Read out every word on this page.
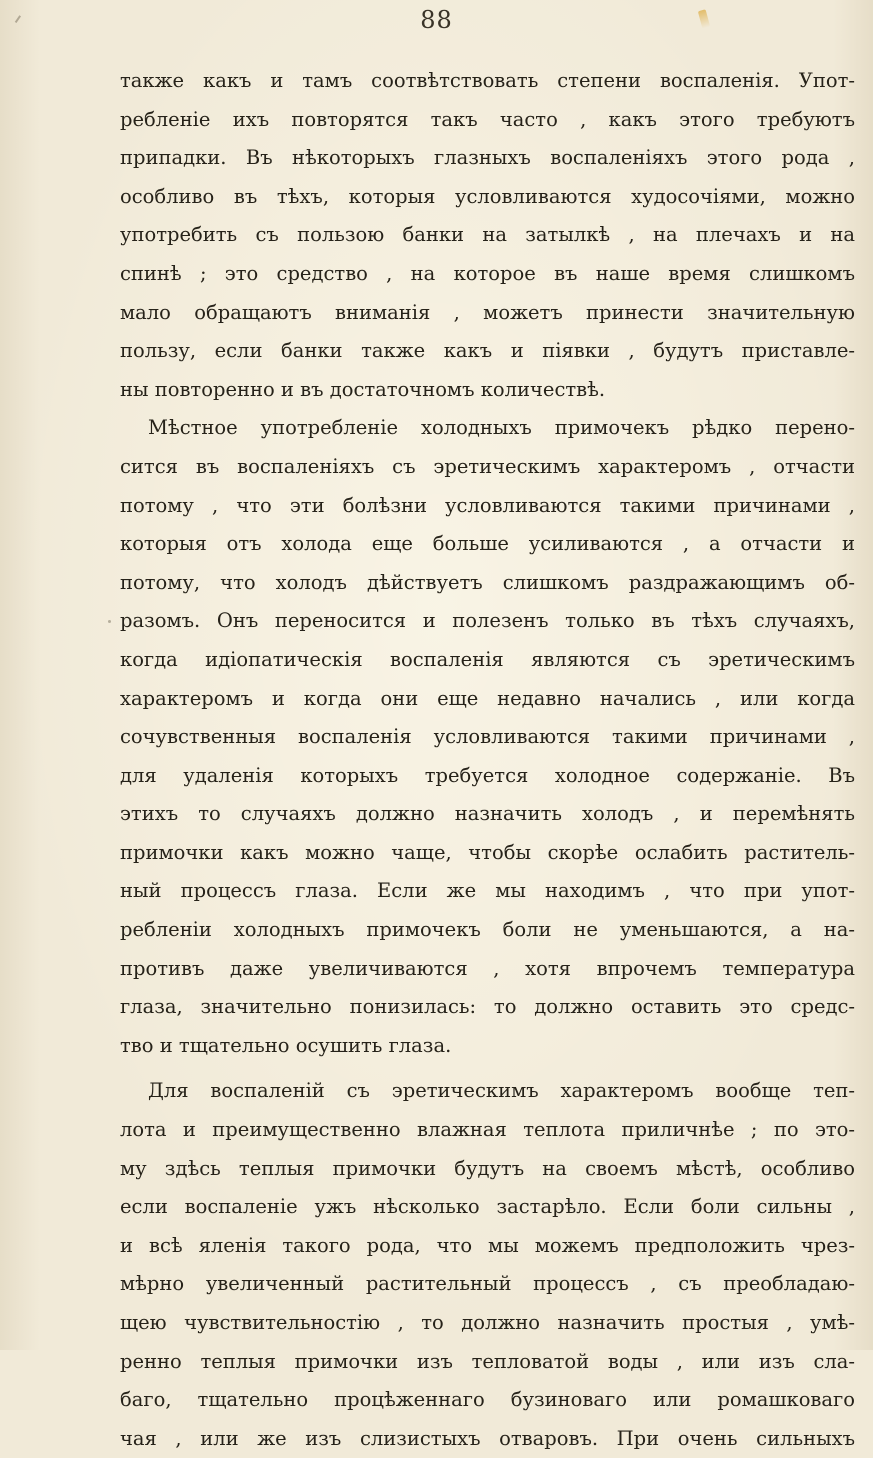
88
также какъ и тамъ соотвѣтствовать степени воспаленія. Упот-
ребленіе ихъ повторятся такъ часто , какъ этого требуютъ
припадки. Въ нѣкоторыхъ глазныхъ воспаленіяхъ этого рода ,
особливо въ тѣхъ, которыя условливаются худосочіями, можно
употребить съ пользою банки на затылкѣ , на плечахъ и на
спинѣ ; это средство , на которое въ наше время слишкомъ
мало обращаютъ вниманія , можетъ принести значительную
пользу, если банки также какъ и піявки , будутъ приставле-
ны повторенно и въ достаточномъ количествѣ.
Мѣстное употребленіе холодныхъ примочекъ рѣдко перено-
сится въ воспаленіяхъ съ эретическимъ характеромъ , отчасти
потому , что эти болѣзни условливаются такими причинами ,
которыя отъ холода еще больше усиливаются , а отчасти и
потому, что холодъ дѣйствуетъ слишкомъ раздражающимъ об-
разомъ. Онъ переносится и полезенъ только въ тѣхъ случаяхъ,
когда идіопатическія воспаленія являются съ эретическимъ
характеромъ и когда они еще недавно начались , или когда
сочувственныя воспаленія условливаются такими причинами ,
для удаленія которыхъ требуется холодное содержаніе. Въ
этихъ то случаяхъ должно назначить холодъ , и перемѣнять
примочки какъ можно чаще, чтобы скорѣе ослабить раститель-
ный процессъ глаза. Если же мы находимъ , что при упот-
ребленіи холодныхъ примочекъ боли не уменьшаются, а на-
противъ даже увеличиваются , хотя впрочемъ температура
глаза, значительно понизилась: то должно оставить это средс-
тво и тщательно осушить глаза.
Для воспаленій съ эретическимъ характеромъ вообще теп-
лота и преимущественно влажная теплота приличнѣе ; по это-
му здѣсь теплыя примочки будутъ на своемъ мѣстѣ, особливо
если воспаленіе ужъ нѣсколько застарѣло. Если боли сильны ,
и всѣ яленія такого рода, что мы можемъ предположить чрез-
мѣрно увеличенный растительный процессъ , съ преобладаю-
щею чувствительностію , то должно назначить простыя , умѣ-
ренно теплыя примочки изъ тепловатой воды , или изъ сла-
баго, тщательно процѣженнаго бузиноваго или ромашковаго
чая , или же изъ слизистыхъ отваровъ. При очень сильныхъ
